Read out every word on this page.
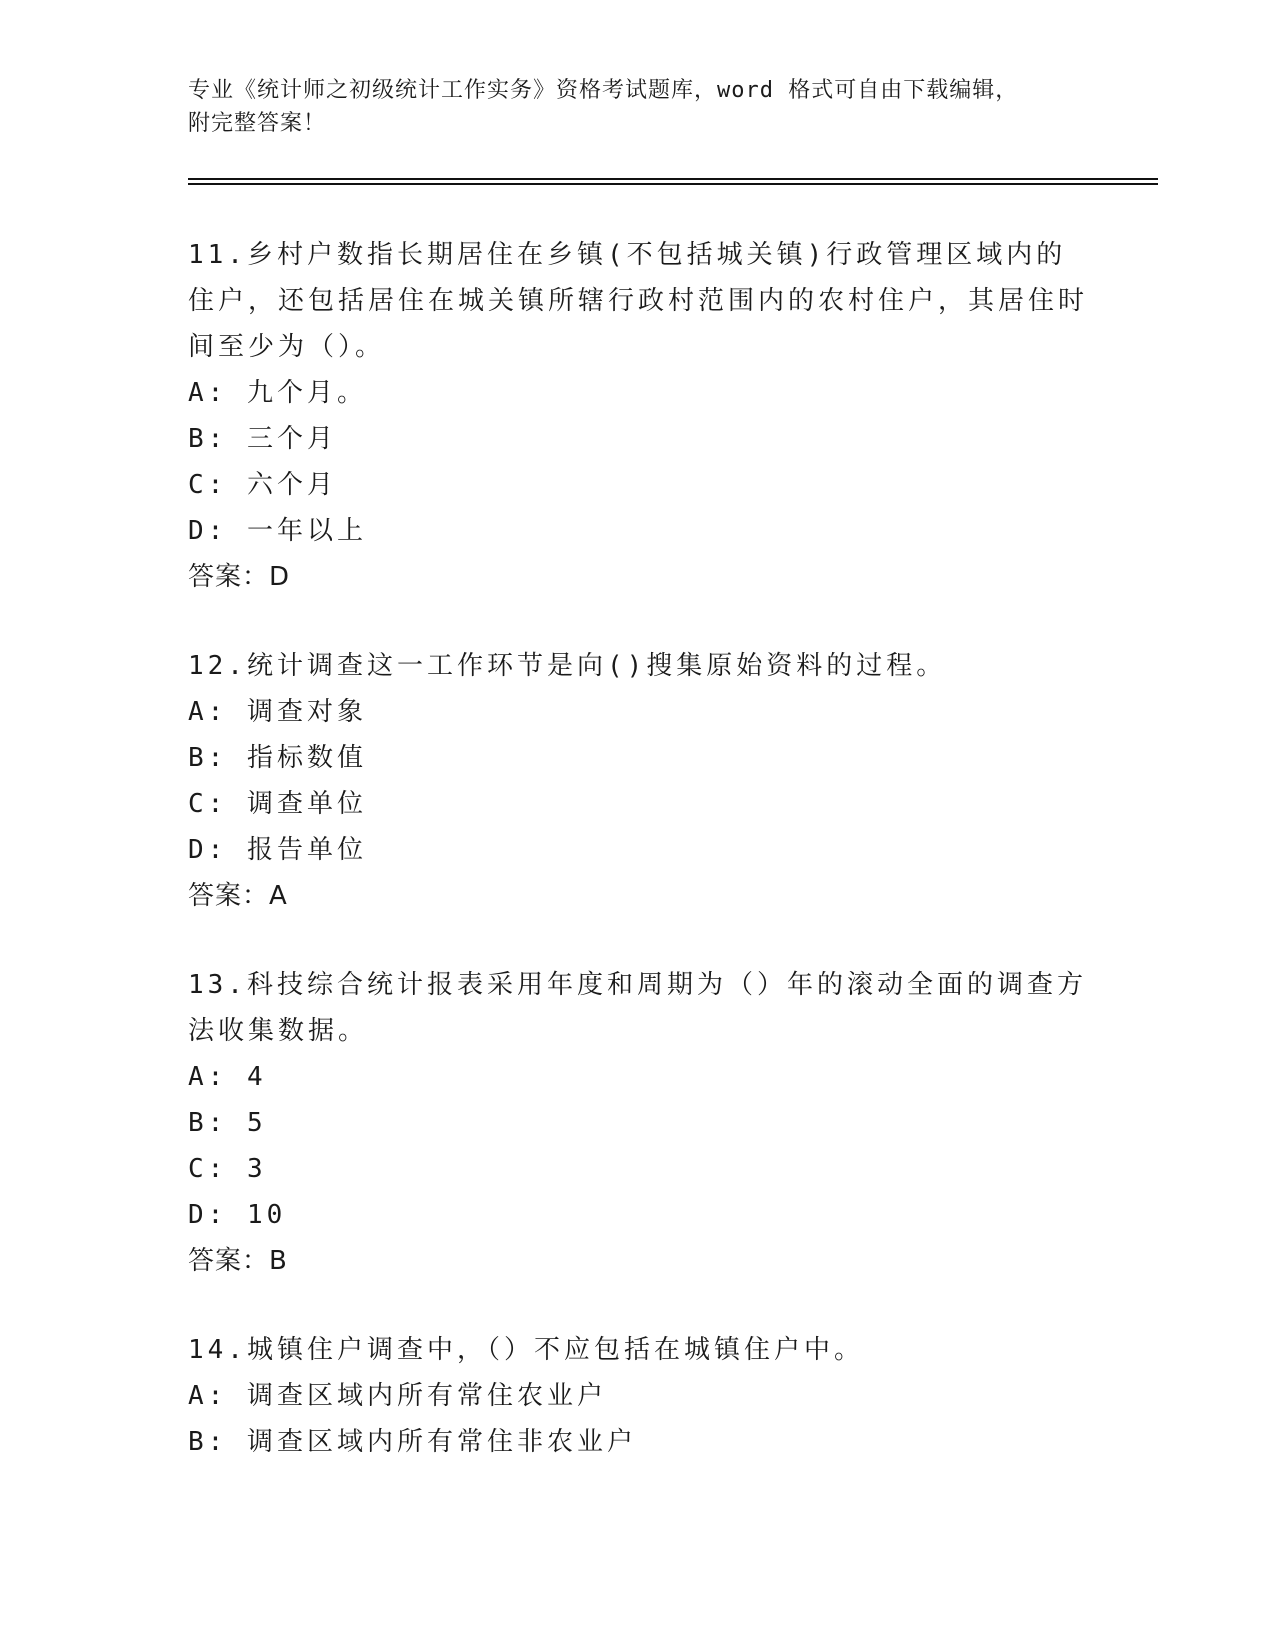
专业《统计师之初级统计工作实务》资格考试题库，word 格式可自由下载编辑，
附完整答案！
11.乡村户数指长期居住在乡镇(不包括城关镇)行政管理区域内的住户，还包括居住在城关镇所辖行政村范围内的农村住户，其居住时间至少为（）。
A: 九个月。
B: 三个月
C: 六个月
D: 一年以上
答案：D
12.统计调查这一工作环节是向()搜集原始资料的过程。
A: 调查对象
B: 指标数值
C: 调查单位
D: 报告单位
答案：A
13.科技综合统计报表采用年度和周期为（）年的滚动全面的调查方法收集数据。
A: 4
B: 5
C: 3
D: 10
答案：B
14.城镇住户调查中，（）不应包括在城镇住户中。
A: 调查区域内所有常住农业户
B: 调查区域内所有常住非农业户
